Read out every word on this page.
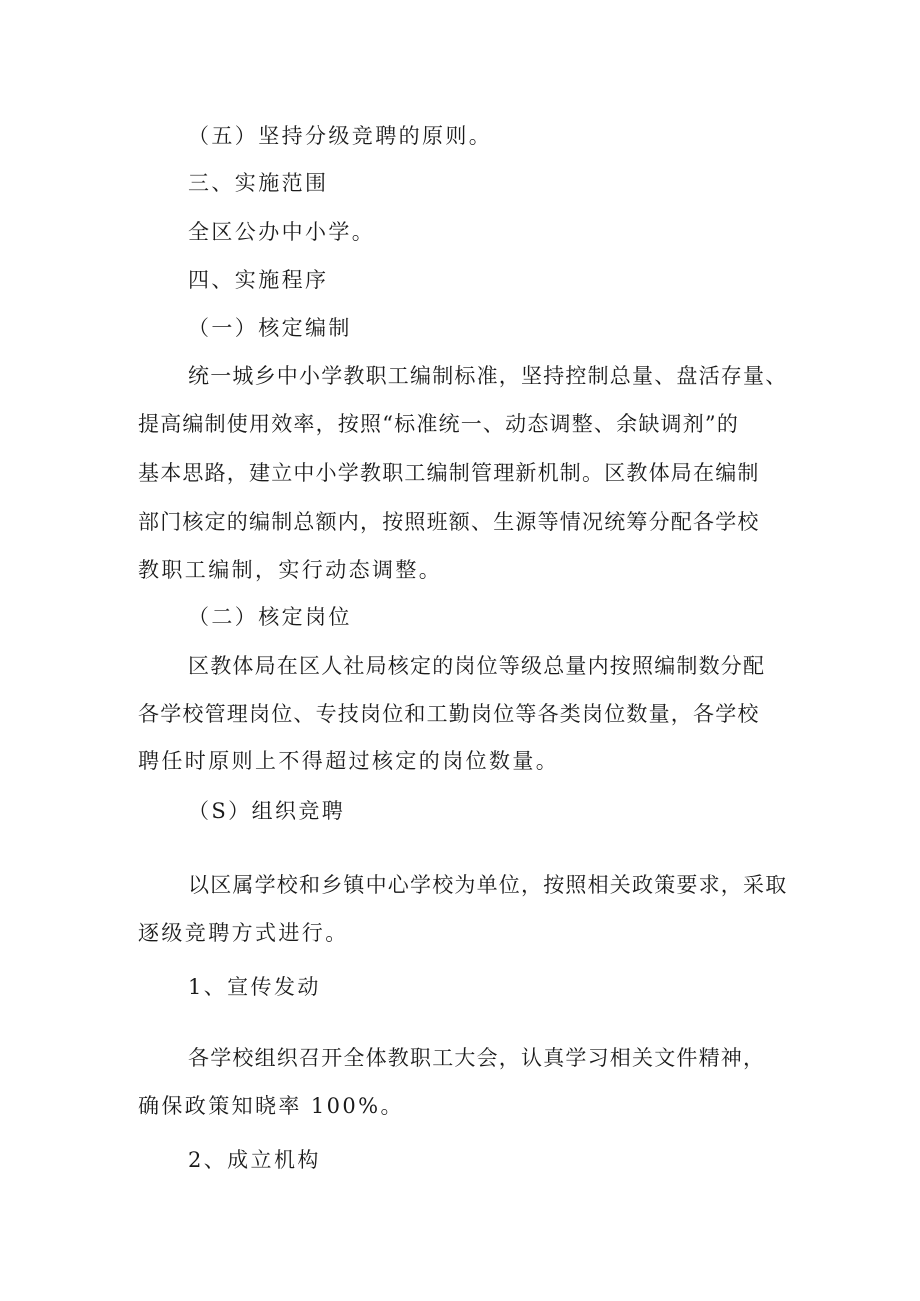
（五）坚持分级竞聘的原则。

三、实施范围

全区公办中小学。

四、实施程序

（一）核定编制

统一城乡中小学教职工编制标准，坚持控制总量、盘活存量、

提高编制使用效率，按照“标准统一、动态调整、余缺调剂”的

基本思路，建立中小学教职工编制管理新机制。区教体局在编制

部门核定的编制总额内，按照班额、生源等情况统筹分配各学校

教职工编制，实行动态调整。

（二）核定岗位

区教体局在区人社局核定的岗位等级总量内按照编制数分配

各学校管理岗位、专技岗位和工勤岗位等各类岗位数量，各学校

聘任时原则上不得超过核定的岗位数量。

（S）组织竞聘

以区属学校和乡镇中心学校为单位，按照相关政策要求，采取

逐级竞聘方式进行。

1、宣传发动

各学校组织召开全体教职工大会，认真学习相关文件精神，

确保政策知晓率 100%。

2、成立机构
